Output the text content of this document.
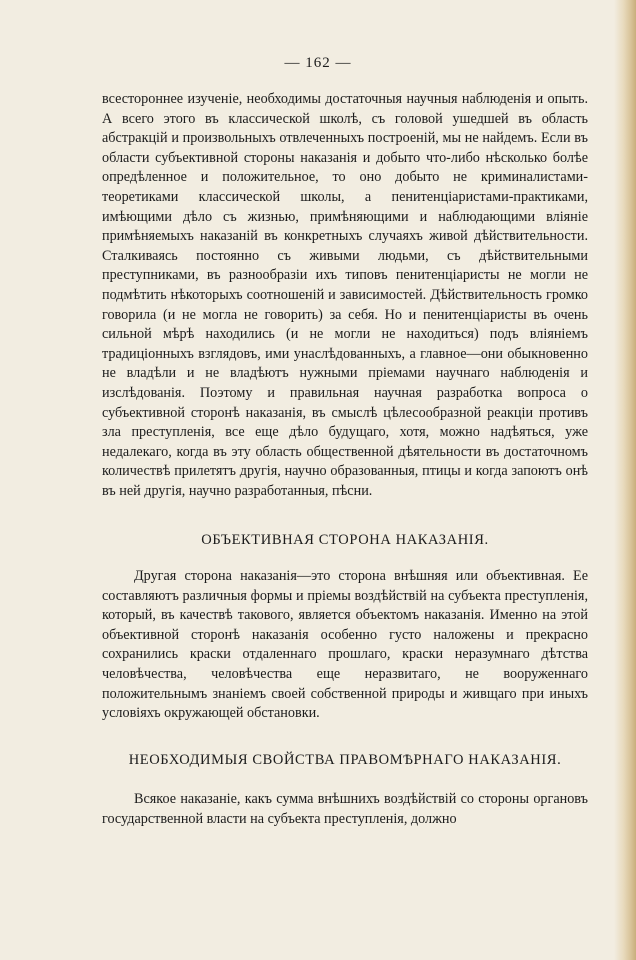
— 162 —

всестороннее изученіе, необходимы достаточныя научныя наблюденія и опыть. А всего этого въ классической школѣ, съ головой ушедшей въ область абстракцій и произвольныхъ отвлеченныхъ построеній, мы не найдемъ. Если въ области субъективной стороны наказанія и добыто что-либо нѣсколько болѣе опредѣленное и положительное, то оно добыто не криминалистами-теоретиками классической школы, а пенитенціаристами-практиками, имѣющими дѣло съ жизнью, примѣняющими и наблюдающими вліяніе примѣняемыхъ наказаній въ конкретныхъ случаяхъ живой дѣйствительности. Сталкиваясь постоянно съ живыми людьми, съ дѣйствительными преступниками, въ разнообразіи ихъ типовъ пенитенціаристы не могли не подмѣтить нѣкоторыхъ соотношеній и зависимостей. Дѣйствительность громко говорила (и не могла не говорить) за себя. Но и пенитенціаристы въ очень сильной мѣрѣ находились (и не могли не находиться) подъ вліяніемъ традиціонныхъ взглядовъ, ими унаслѣдованныхъ, а главное—они обыкновенно не владѣли и не владѣютъ нужными пріемами научнаго наблюденія и изслѣдованія. Поэтому и правильная научная разработка вопроса о субъективной сторонѣ наказанія, въ смыслѣ цѣлесообразной реакціи противъ зла преступленія, все еще дѣло будущаго, хотя, можно надѣяться, уже недалекаго, когда въ эту область общественной дѣятельности въ достаточномъ количествѣ прилетятъ другія, научно образованныя, птицы и когда запоютъ онѣ въ ней другія, научно разработанныя, пѣсни.

ОБЪЕКТИВНАЯ СТОРОНА НАКАЗАНІЯ.

Другая сторона наказанія—это сторона внѣшняя или объективная. Ее составляютъ различныя формы и пріемы воздѣйствій на субъекта преступленія, который, въ качествѣ такового, является объектомъ наказанія. Именно на этой объективной сторонѣ наказанія особенно густо наложены и прекрасно сохранились краски отдаленнаго прошлаго, краски неразумнаго дѣтства человѣчества, человѣчества еще неразвитаго, не вооруженнаго положительнымъ знаніемъ своей собственной природы и живщаго при иныхъ условіяхъ окружающей обстановки.

НЕОБХОДИМЫЯ СВОЙСТВА ПРАВОМѢРНАГО НАКАЗАНІЯ.

Всякое наказаніе, какъ сумма внѣшнихъ воздѣйствій со стороны органовъ государственной власти на субъекта преступленія, должно
